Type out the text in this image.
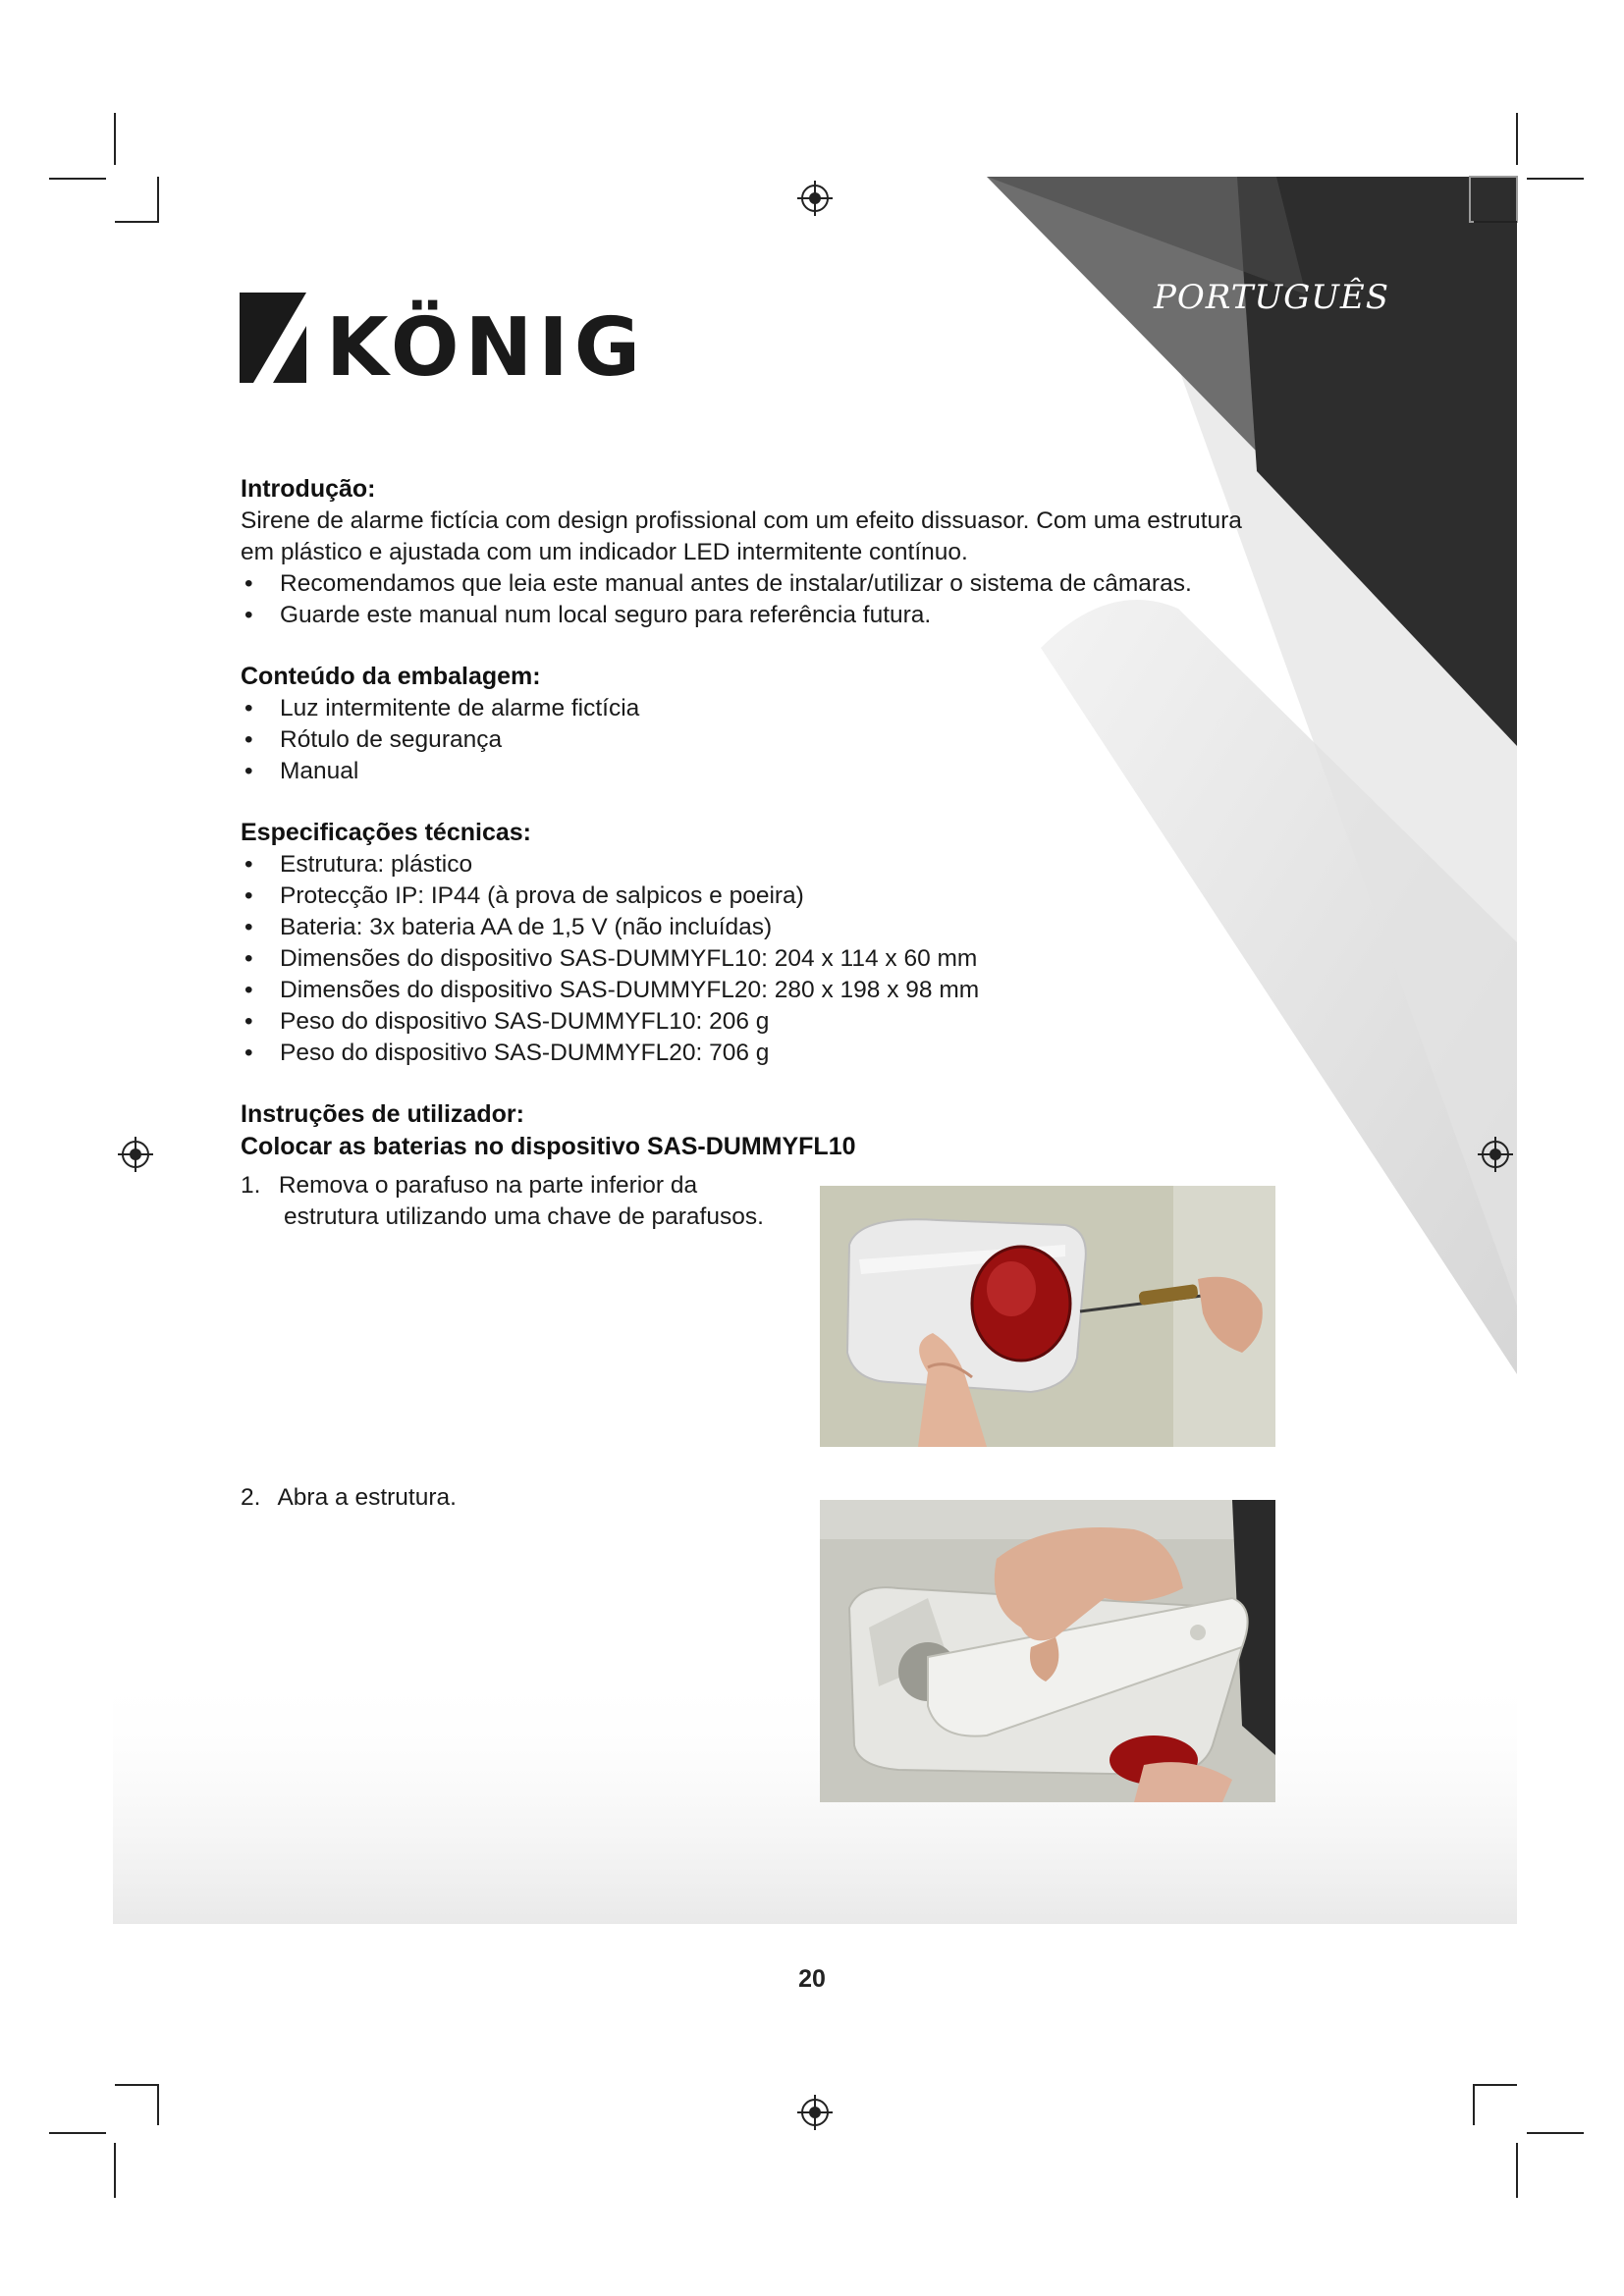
KÖNIG
PORTUGUÊS
Introdução:

Sirene de alarme fictícia com design profissional com um efeito dissuasor. Com uma estrutura

em plástico e ajustada com um indicador LED intermitente contínuo.

• Recomendamos que leia este manual antes de instalar/utilizar o sistema de câmaras.
• Guarde este manual num local seguro para referência futura.
Conteúdo da embalagem:
• Luz intermitente de alarme fictícia
• Rótulo de segurança
• Manual
Especificações técnicas:
• Estrutura: plástico
• Protecção IP: IP44 (à prova de salpicos e poeira)
• Bateria: 3x bateria AA de 1,5 V (não incluídas)
• Dimensões do dispositivo SAS-DUMMYFL10: 204 x 114 x 60 mm
• Dimensões do dispositivo SAS-DUMMYFL20: 280 x 198 x 98 mm
• Peso do dispositivo SAS-DUMMYFL10: 206 g
• Peso do dispositivo SAS-DUMMYFL20: 706 g
Instruções de utilizador:
Colocar as baterias no dispositivo SAS-DUMMYFL10
1. Remova o parafuso na parte inferior da
estrutura utilizando uma chave de parafusos.
2. Abra a estrutura.
20
